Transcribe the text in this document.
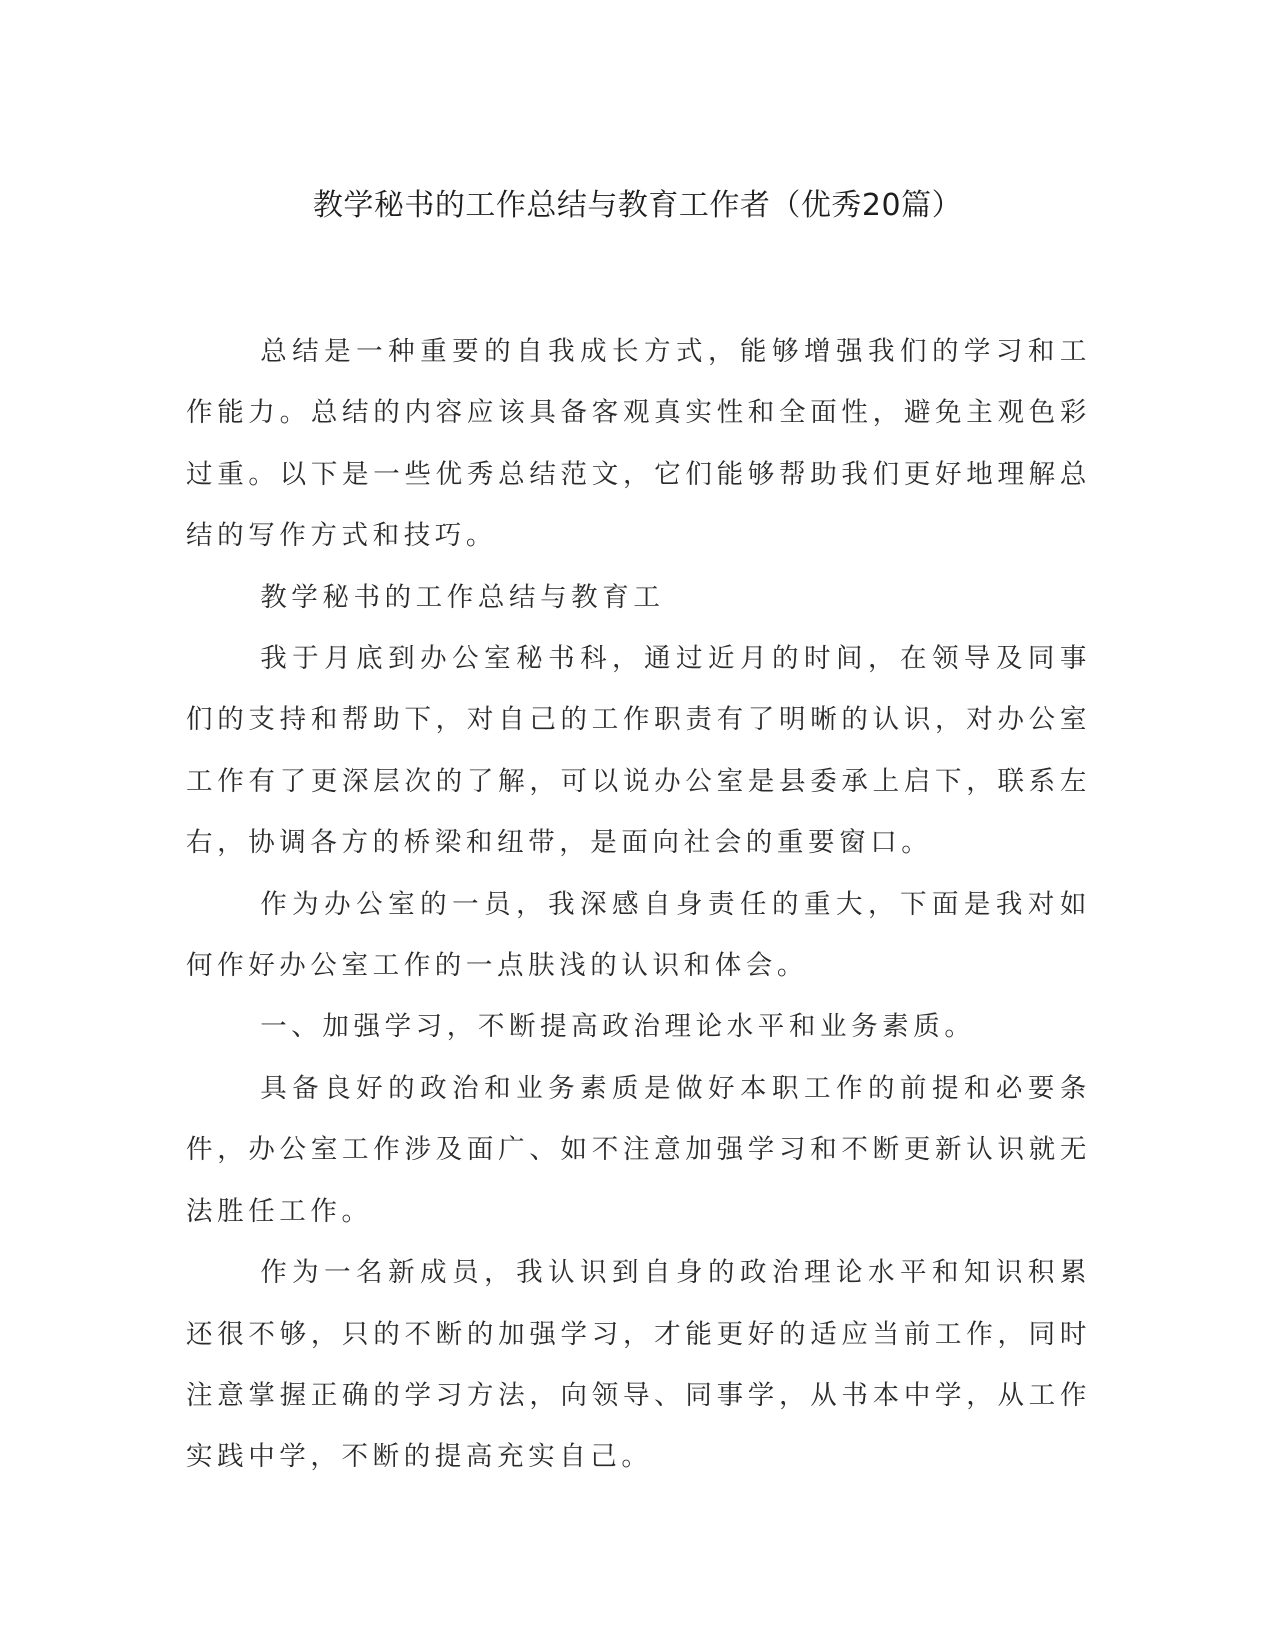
教学秘书的工作总结与教育工作者（优秀20篇）

总结是一种重要的自我成长方式，能够增强我们的学习和工作能力。总结的内容应该具备客观真实性和全面性，避免主观色彩过重。以下是一些优秀总结范文，它们能够帮助我们更好地理解总结的写作方式和技巧。

教学秘书的工作总结与教育工

我于月底到办公室秘书科，通过近月的时间，在领导及同事们的支持和帮助下，对自己的工作职责有了明晰的认识，对办公室工作有了更深层次的了解，可以说办公室是县委承上启下，联系左右，协调各方的桥梁和纽带，是面向社会的重要窗口。

作为办公室的一员，我深感自身责任的重大，下面是我对如何作好办公室工作的一点肤浅的认识和体会。

一、加强学习，不断提高政治理论水平和业务素质。

具备良好的政治和业务素质是做好本职工作的前提和必要条件，办公室工作涉及面广、如不注意加强学习和不断更新认识就无法胜任工作。

作为一名新成员，我认识到自身的政治理论水平和知识积累还很不够，只的不断的加强学习，才能更好的适应当前工作，同时注意掌握正确的学习方法，向领导、同事学，从书本中学，从工作实践中学，不断的提高充实自己。
